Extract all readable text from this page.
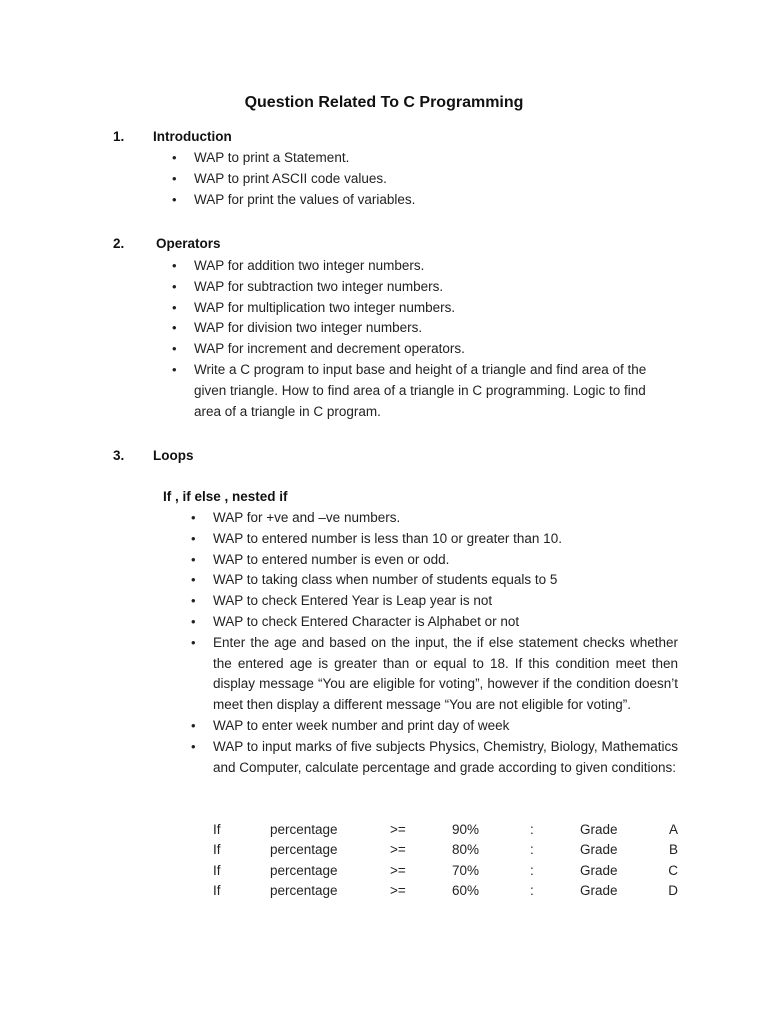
Question Related To C Programming
1. Introduction
• WAP to print a Statement.
• WAP to print ASCII code values.
• WAP for print the values of variables.
2. Operators
• WAP for addition two integer numbers.
• WAP for subtraction two integer numbers.
• WAP for multiplication two integer numbers.
• WAP for division two integer numbers.
• WAP for increment and decrement operators.
• Write a C program to input base and height of a triangle and find area of the given triangle. How to find area of a triangle in C programming. Logic to find area of a triangle in C program.
3. Loops
If , if else , nested if
• WAP for +ve and –ve numbers.
• WAP to entered number is less than 10 or greater than 10.
• WAP to entered number is even or odd.
• WAP to taking class when number of students equals to 5
• WAP to check Entered Year is Leap year is not
• WAP to check Entered Character is Alphabet or not
• Enter the age and based on the input, the if else statement checks whether the entered age is greater than or equal to 18. If this condition meet then display message “You are eligible for voting”, however if the condition doesn’t meet then display a different message “You are not eligible for voting”.
• WAP to enter week number and print day of week
• WAP to input marks of five subjects Physics, Chemistry, Biology, Mathematics and Computer, calculate percentage and grade according to given conditions:
If	percentage	>=	90%	:	Grade	A
If	percentage	>=	80%	:	Grade	B
If	percentage	>=	70%	:	Grade	C
If	percentage	>=	60%	:	Grade	D
